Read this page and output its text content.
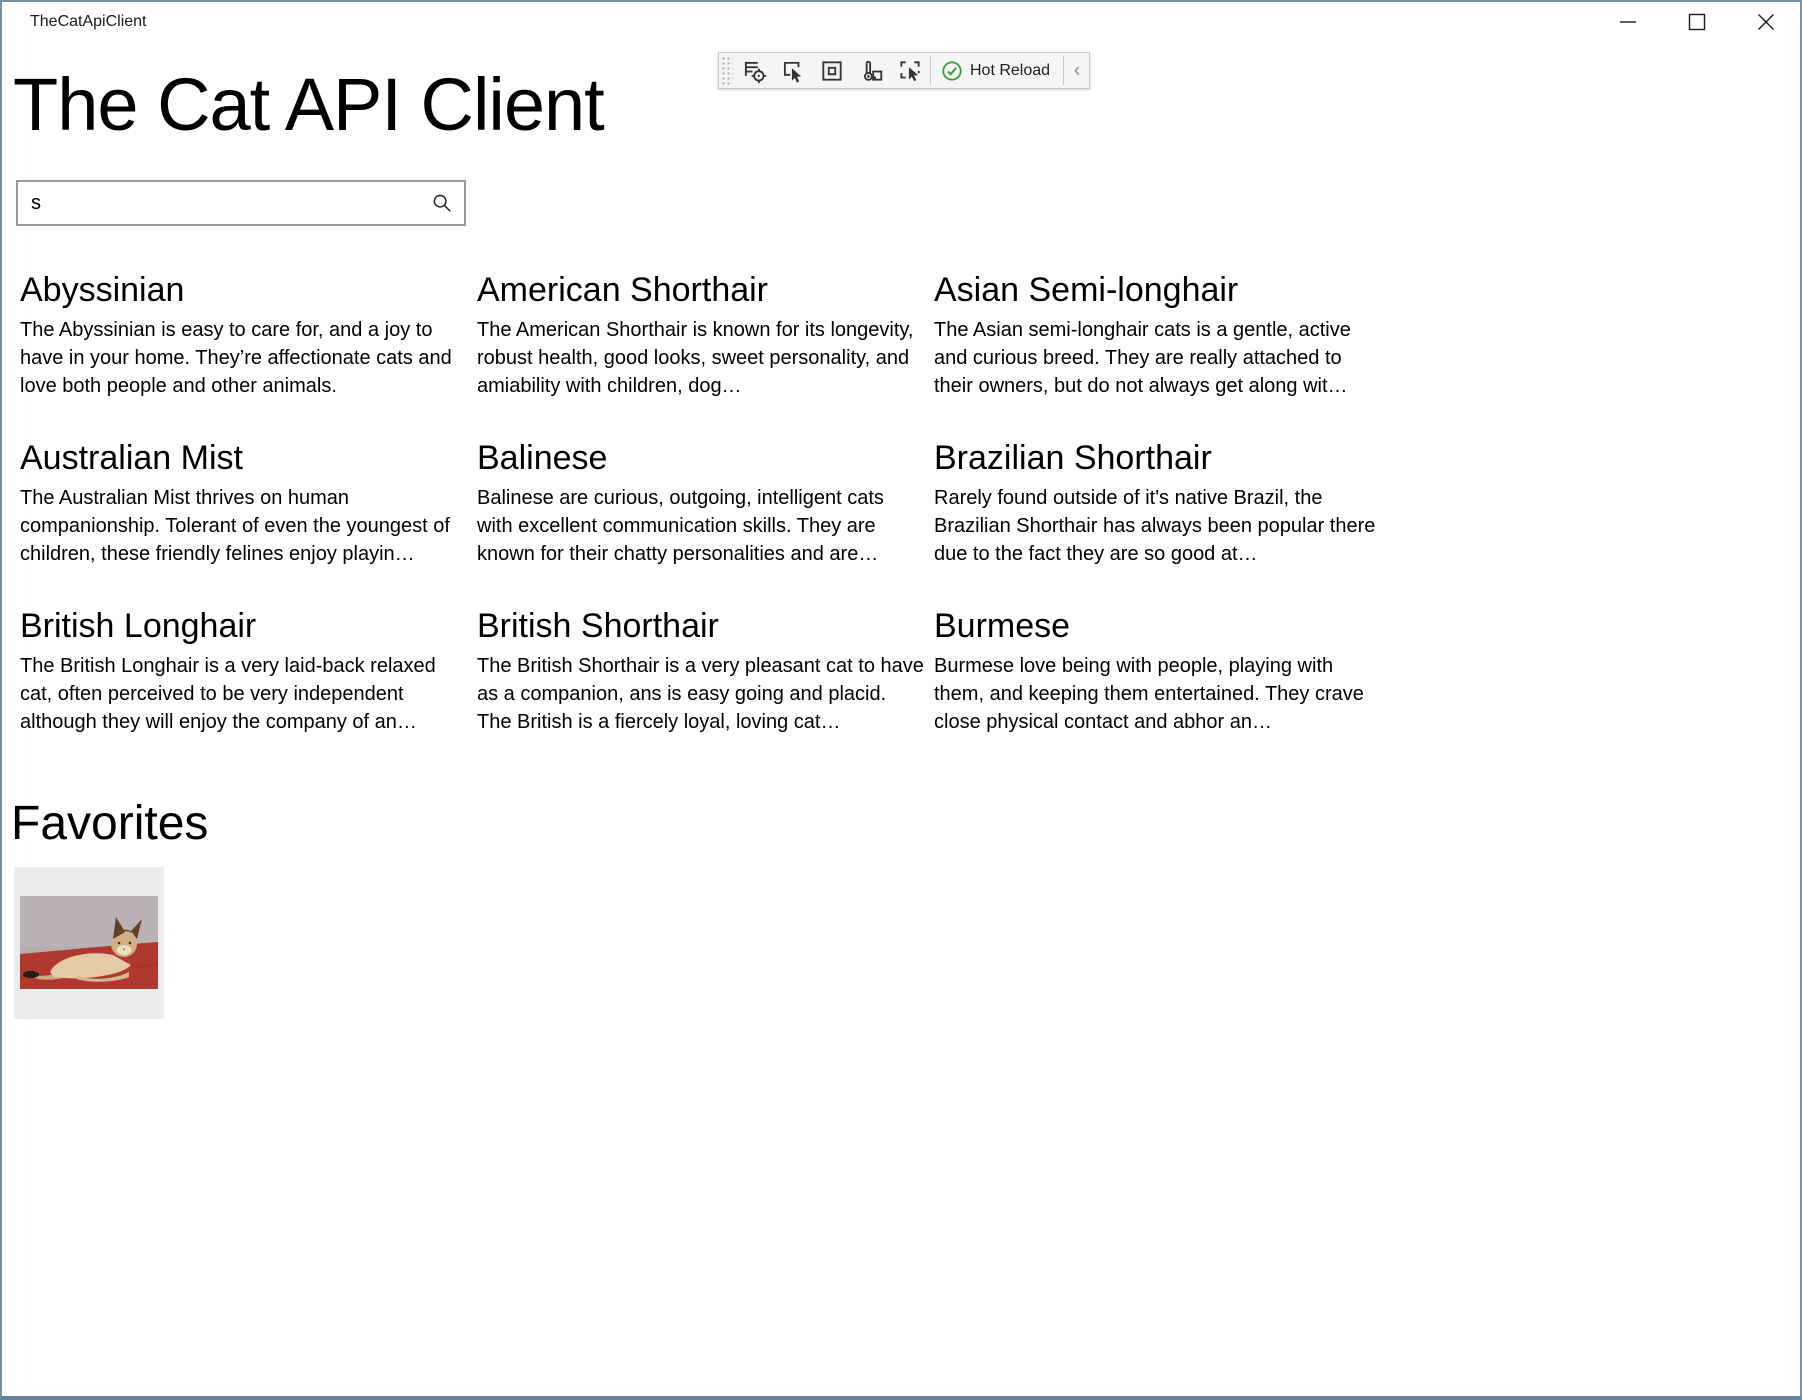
TheCatApiClient
Hot Reload	‹
The Cat API Client
s
Abyssinian
The Abyssinian is easy to care for, and a joy to have in your home. They’re affectionate cats and love both people and other animals.
American Shorthair
The American Shorthair is known for its longevity, robust health, good looks, sweet personality, and amiability with children, dog…
Asian Semi-longhair
The Asian semi-longhair cats is a gentle, active and curious breed. They are really attached to their owners, but do not always get along wit…
Australian Mist
The Australian Mist thrives on human companionship. Tolerant of even the youngest of children, these friendly felines enjoy playin…
Balinese
Balinese are curious, outgoing, intelligent cats with excellent communication skills. They are known for their chatty personalities and are…
Brazilian Shorthair
Rarely found outside of it's native Brazil, the Brazilian Shorthair has always been popular there due to the fact they are so good at…
British Longhair
The British Longhair is a very laid-back relaxed cat, often perceived to be very independent although they will enjoy the company of an…
British Shorthair
The British Shorthair is a very pleasant cat to have as a companion, ans is easy going and placid. The British is a fiercely loyal, loving cat…
Burmese
Burmese love being with people, playing with them, and keeping them entertained. They crave close physical contact and abhor an…
Favorites
